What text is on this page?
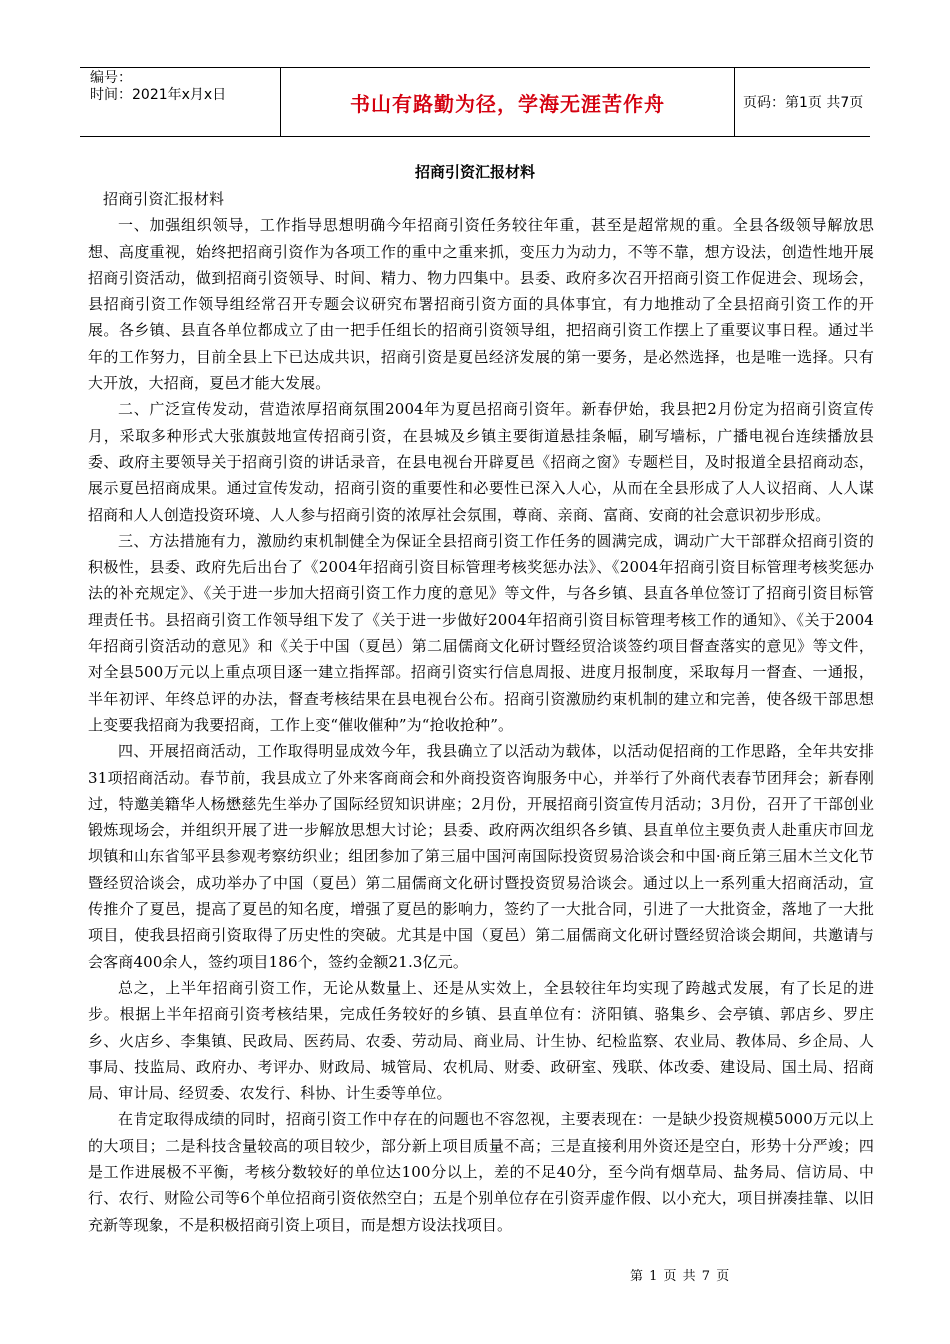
编号：
时间：2021年x月x日	书山有路勤为径，学海无涯苦作舟	页码：第1页 共7页
招商引资汇报材料

招商引资汇报材料

一、加强组织领导，工作指导思想明确今年招商引资任务较往年重，甚至是超常规的重。全县各级领导解放思想、高度重视，始终把招商引资作为各项工作的重中之重来抓，变压力为动力，不等不靠，想方设法，创造性地开展招商引资活动，做到招商引资领导、时间、精力、物力四集中。县委、政府多次召开招商引资工作促进会、现场会，县招商引资工作领导组经常召开专题会议研究布署招商引资方面的具体事宜，有力地推动了全县招商引资工作的开展。各乡镇、县直各单位都成立了由一把手任组长的招商引资领导组，把招商引资工作摆上了重要议事日程。通过半年的工作努力，目前全县上下已达成共识，招商引资是夏邑经济发展的第一要务，是必然选择，也是唯一选择。只有大开放，大招商，夏邑才能大发展。

二、广泛宣传发动，营造浓厚招商氛围2004年为夏邑招商引资年。新春伊始，我县把2月份定为招商引资宣传月，采取多种形式大张旗鼓地宣传招商引资，在县城及乡镇主要街道悬挂条幅，刷写墙标，广播电视台连续播放县委、政府主要领导关于招商引资的讲话录音，在县电视台开辟夏邑《招商之窗》专题栏目，及时报道全县招商动态，展示夏邑招商成果。通过宣传发动，招商引资的重要性和必要性已深入人心，从而在全县形成了人人议招商、人人谋招商和人人创造投资环境、人人参与招商引资的浓厚社会氛围，尊商、亲商、富商、安商的社会意识初步形成。

三、方法措施有力，激励约束机制健全为保证全县招商引资工作任务的圆满完成，调动广大干部群众招商引资的积极性，县委、政府先后出台了《2004年招商引资目标管理考核奖惩办法》、《2004年招商引资目标管理考核奖惩办法的补充规定》、《关于进一步加大招商引资工作力度的意见》等文件，与各乡镇、县直各单位签订了招商引资目标管理责任书。县招商引资工作领导组下发了《关于进一步做好2004年招商引资目标管理考核工作的通知》、《关于2004年招商引资活动的意见》和《关于中国（夏邑）第二届儒商文化研讨暨经贸洽谈签约项目督查落实的意见》等文件，对全县500万元以上重点项目逐一建立指挥部。招商引资实行信息周报、进度月报制度，采取每月一督查、一通报，半年初评、年终总评的办法，督查考核结果在县电视台公布。招商引资激励约束机制的建立和完善，使各级干部思想上变要我招商为我要招商，工作上变“催收催种”为“抢收抢种”。

四、开展招商活动，工作取得明显成效今年，我县确立了以活动为载体，以活动促招商的工作思路，全年共安排31项招商活动。春节前，我县成立了外来客商商会和外商投资咨询服务中心，并举行了外商代表春节团拜会；新春刚过，特邀美籍华人杨懋慈先生举办了国际经贸知识讲座；2月份，开展招商引资宣传月活动；3月份，召开了干部创业锻炼现场会，并组织开展了进一步解放思想大讨论；县委、政府两次组织各乡镇、县直单位主要负责人赴重庆市回龙坝镇和山东省邹平县参观考察纺织业；组团参加了第三届中国河南国际投资贸易洽谈会和中国·商丘第三届木兰文化节暨经贸洽谈会，成功举办了中国（夏邑）第二届儒商文化研讨暨投资贸易洽谈会。通过以上一系列重大招商活动，宣传推介了夏邑，提高了夏邑的知名度，增强了夏邑的影响力，签约了一大批合同，引进了一大批资金，落地了一大批项目，使我县招商引资取得了历史性的突破。尤其是中国（夏邑）第二届儒商文化研讨暨经贸洽谈会期间，共邀请与会客商400余人，签约项目186个，签约金额21.3亿元。

总之，上半年招商引资工作，无论从数量上、还是从实效上，全县较往年均实现了跨越式发展，有了长足的进步。根据上半年招商引资考核结果，完成任务较好的乡镇、县直单位有：济阳镇、骆集乡、会亭镇、郭店乡、罗庄乡、火店乡、李集镇、民政局、医药局、农委、劳动局、商业局、计生协、纪检监察、农业局、教体局、乡企局、人事局、技监局、政府办、考评办、财政局、城管局、农机局、财委、政研室、残联、体改委、建设局、国土局、招商局、审计局、经贸委、农发行、科协、计生委等单位。

在肯定取得成绩的同时，招商引资工作中存在的问题也不容忽视，主要表现在：一是缺少投资规模5000万元以上的大项目；二是科技含量较高的项目较少，部分新上项目质量不高；三是直接利用外资还是空白，形势十分严竣；四是工作进展极不平衡，考核分数较好的单位达100分以上，差的不足40分，至今尚有烟草局、盐务局、信访局、中行、农行、财险公司等6个单位招商引资依然空白；五是个别单位存在引资弄虚作假、以小充大，项目拼凑挂靠、以旧充新等现象，不是积极招商引资上项目，而是想方设法找项目。

第 1 页 共 7 页
